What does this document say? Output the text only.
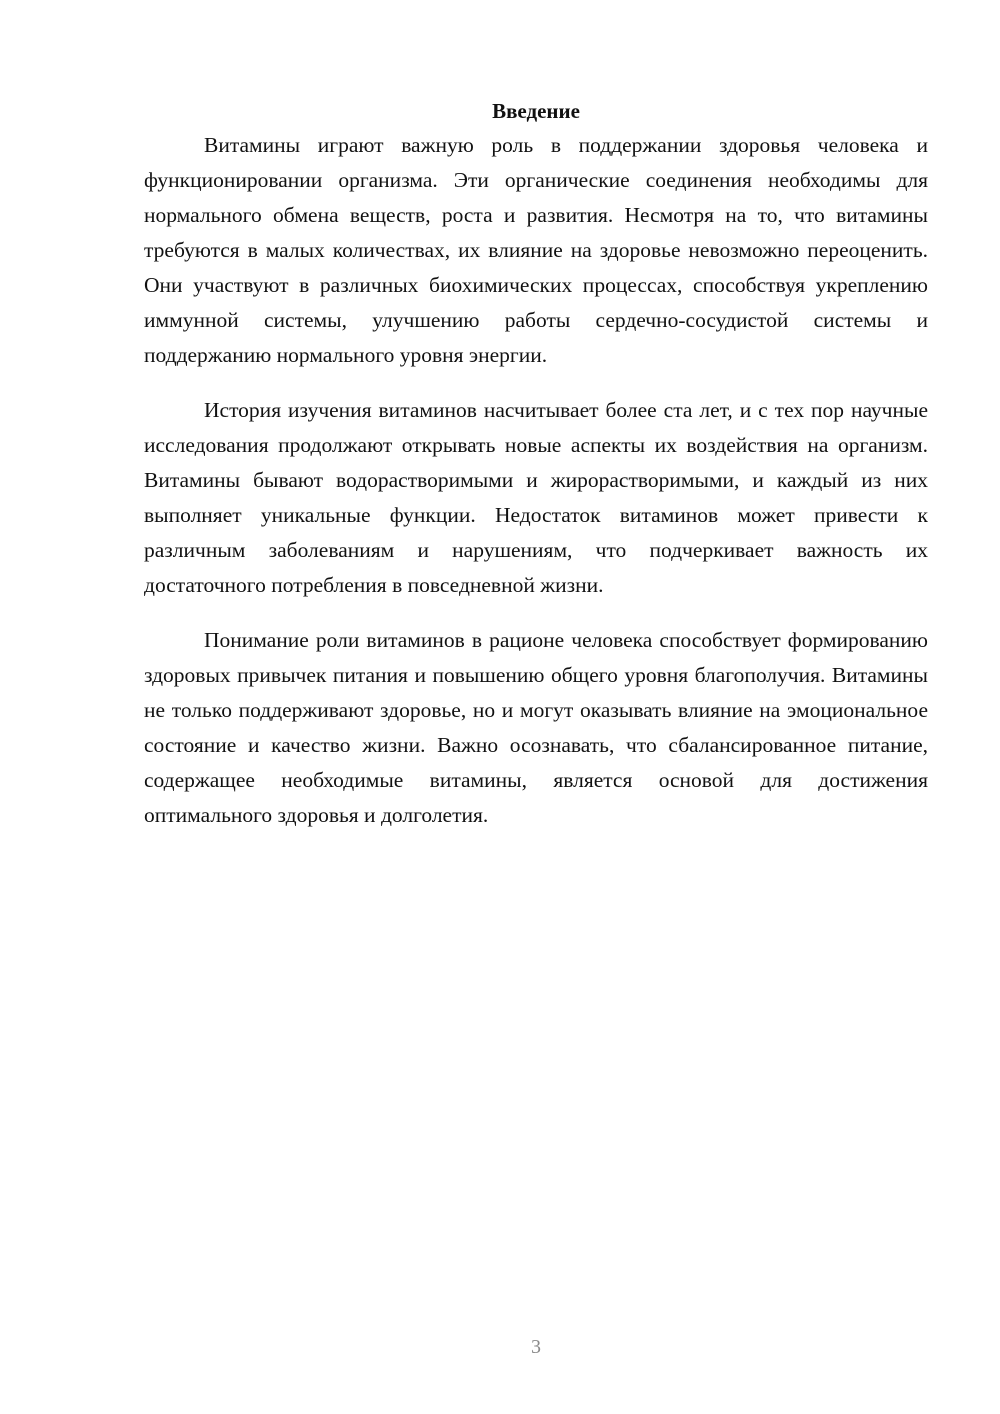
Введение

Витамины играют важную роль в поддержании здоровья человека и функционировании организма. Эти органические соединения необходимы для нормального обмена веществ, роста и развития. Несмотря на то, что витамины требуются в малых количествах, их влияние на здоровье невозможно переоценить. Они участвуют в различных биохимических процессах, способствуя укреплению иммунной системы, улучшению работы сердечно-сосудистой системы и поддержанию нормального уровня энергии.

История изучения витаминов насчитывает более ста лет, и с тех пор научные исследования продолжают открывать новые аспекты их воздействия на организм. Витамины бывают водорастворимыми и жирорастворимыми, и каждый из них выполняет уникальные функции. Недостаток витаминов может привести к различным заболеваниям и нарушениям, что подчеркивает важность их достаточного потребления в повседневной жизни.

Понимание роли витаминов в рационе человека способствует формированию здоровых привычек питания и повышению общего уровня благополучия. Витамины не только поддерживают здоровье, но и могут оказывать влияние на эмоциональное состояние и качество жизни. Важно осознавать, что сбалансированное питание, содержащее необходимые витамины, является основой для достижения оптимального здоровья и долголетия.

3
